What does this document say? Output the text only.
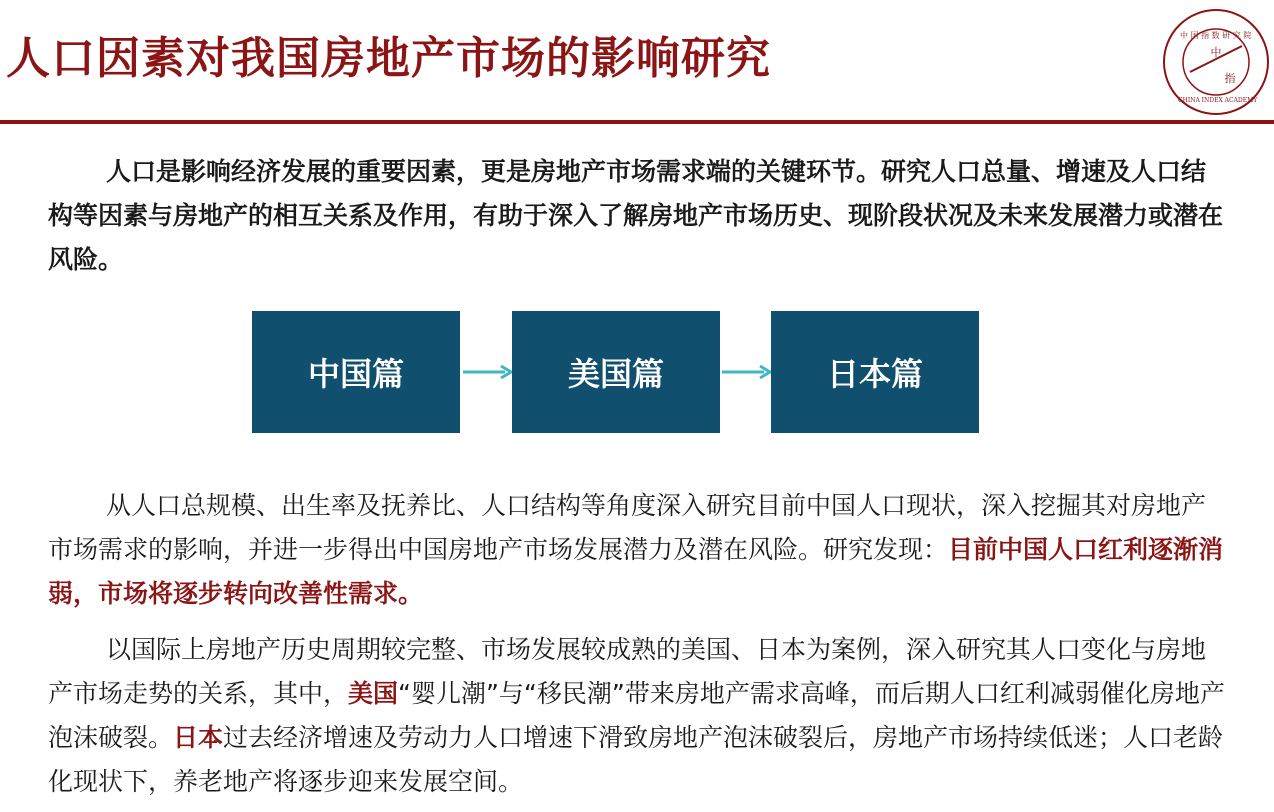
人口因素对我国房地产市场的影响研究	中
指
中 国 指 数 研 究 院
CHINA INDEX ACADEMY
人口是影响经济发展的重要因素，更是房地产市场需求端的关键环节。研究人口总量、增速及人口结构等因素与房地产的相互关系及作用，有助于深入了解房地产市场历史、现阶段状况及未来发展潜力或潜在风险。
中国篇	美国篇	日本篇
从人口总规模、出生率及抚养比、人口结构等角度深入研究目前中国人口现状，深入挖掘其对房地产市场需求的影响，并进一步得出中国房地产市场发展潜力及潜在风险。研究发现：目前中国人口红利逐渐消弱，市场将逐步转向改善性需求。
以国际上房地产历史周期较完整、市场发展较成熟的美国、日本为案例，深入研究其人口变化与房地产市场走势的关系，其中，美国“婴儿潮”与“移民潮”带来房地产需求高峰，而后期人口红利减弱催化房地产泡沫破裂。日本过去经济增速及劳动力人口增速下滑致房地产泡沫破裂后，房地产市场持续低迷；人口老龄化现状下，养老地产将逐步迎来发展空间。
